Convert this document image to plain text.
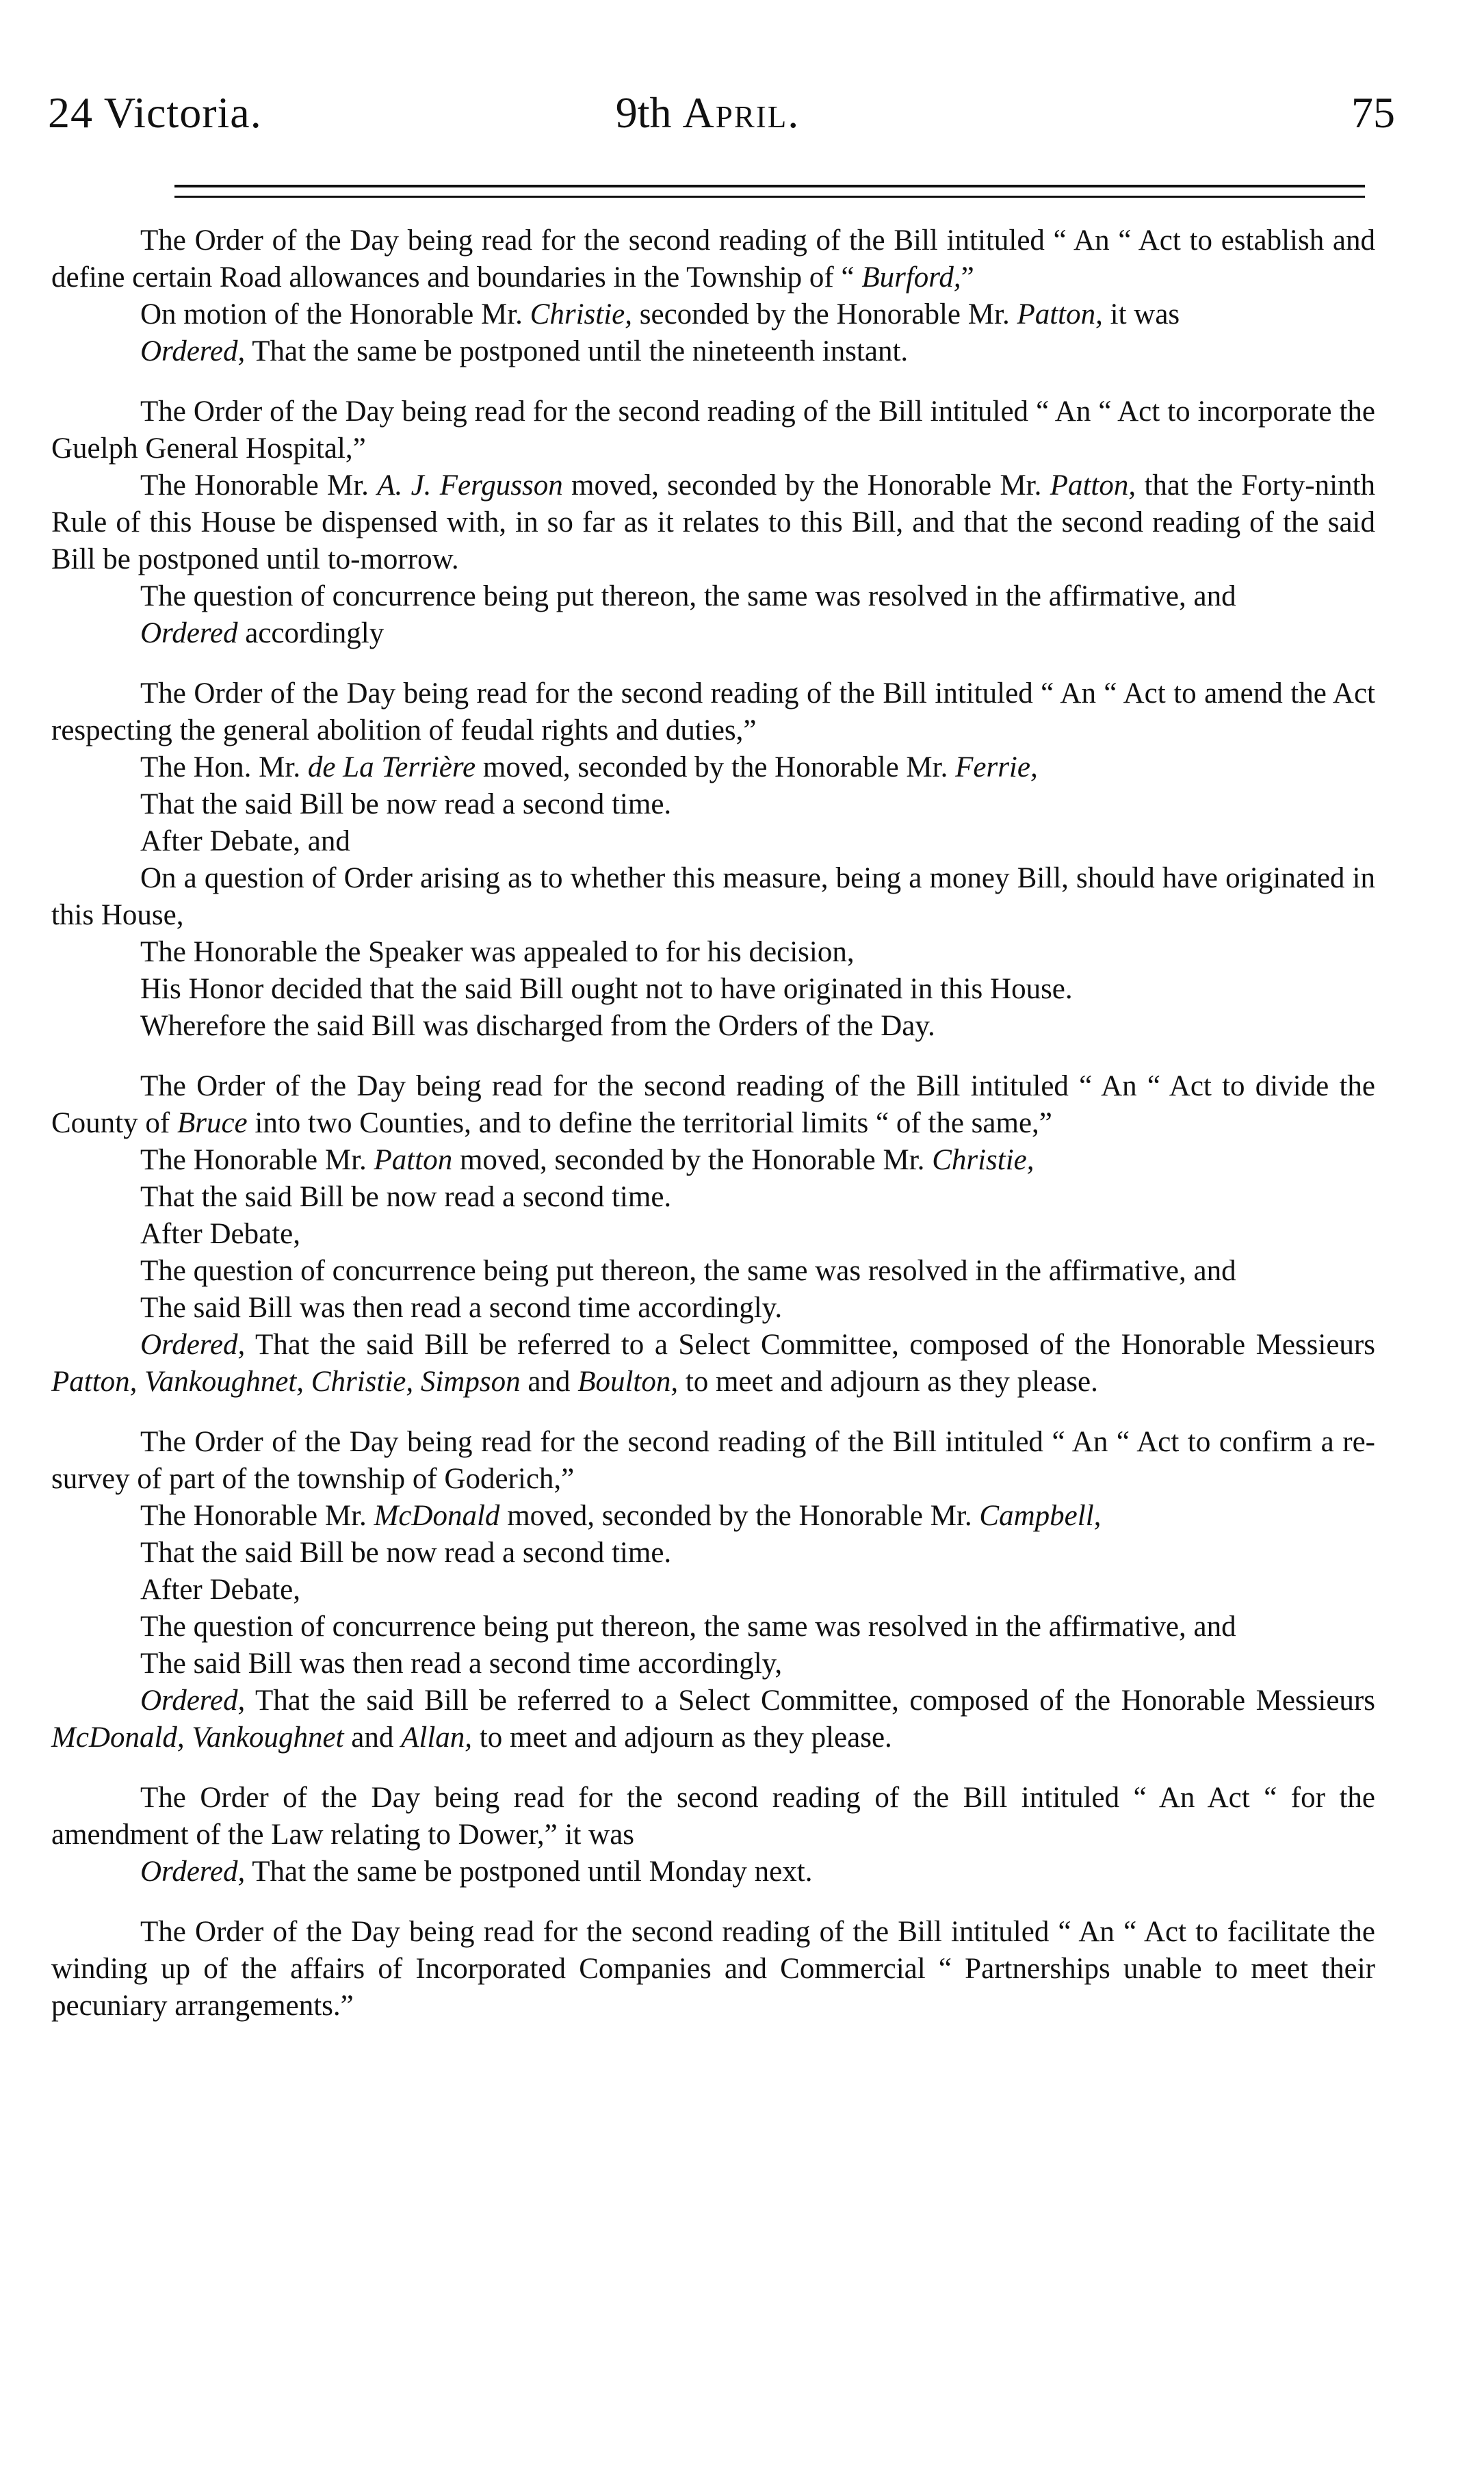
24 Victoria.	9th April.	75

The Order of the Day being read for the second reading of the Bill intituled “ An “ Act to establish and define certain Road allowances and boundaries in the Township of “ Burford,”

On motion of the Honorable Mr. Christie, seconded by the Honorable Mr. Patton, it was

Ordered, That the same be postponed until the nineteenth instant.

The Order of the Day being read for the second reading of the Bill intituled “ An “ Act to incorporate the Guelph General Hospital,”

The Honorable Mr. A. J. Fergusson moved, seconded by the Honorable Mr. Patton, that the Forty-ninth Rule of this House be dispensed with, in so far as it relates to this Bill, and that the second reading of the said Bill be postponed until to-morrow.

The question of concurrence being put thereon, the same was resolved in the affirmative, and

Ordered accordingly

The Order of the Day being read for the second reading of the Bill intituled “ An “ Act to amend the Act respecting the general abolition of feudal rights and duties,”

The Hon. Mr. de La Terrière moved, seconded by the Honorable Mr. Ferrie,

That the said Bill be now read a second time.

After Debate, and

On a question of Order arising as to whether this measure, being a money Bill, should have originated in this House,

The Honorable the Speaker was appealed to for his decision,

His Honor decided that the said Bill ought not to have originated in this House.

Wherefore the said Bill was discharged from the Orders of the Day.

The Order of the Day being read for the second reading of the Bill intituled “ An “ Act to divide the County of Bruce into two Counties, and to define the territorial limits “ of the same,”

The Honorable Mr. Patton moved, seconded by the Honorable Mr. Christie,

That the said Bill be now read a second time.

After Debate,

The question of concurrence being put thereon, the same was resolved in the affirmative, and

The said Bill was then read a second time accordingly.

Ordered, That the said Bill be referred to a Select Committee, composed of the Honorable Messieurs Patton, Vankoughnet, Christie, Simpson and Boulton, to meet and adjourn as they please.

The Order of the Day being read for the second reading of the Bill intituled “ An “ Act to confirm a re-survey of part of the township of Goderich,”

The Honorable Mr. McDonald moved, seconded by the Honorable Mr. Campbell,

That the said Bill be now read a second time.

After Debate,

The question of concurrence being put thereon, the same was resolved in the affirmative, and

The said Bill was then read a second time accordingly,

Ordered, That the said Bill be referred to a Select Committee, composed of the Honorable Messieurs McDonald, Vankoughnet and Allan, to meet and adjourn as they please.

The Order of the Day being read for the second reading of the Bill intituled “ An Act “ for the amendment of the Law relating to Dower,” it was

Ordered, That the same be postponed until Monday next.

The Order of the Day being read for the second reading of the Bill intituled “ An “ Act to facilitate the winding up of the affairs of Incorporated Companies and Commercial “ Partnerships unable to meet their pecuniary arrangements.”
